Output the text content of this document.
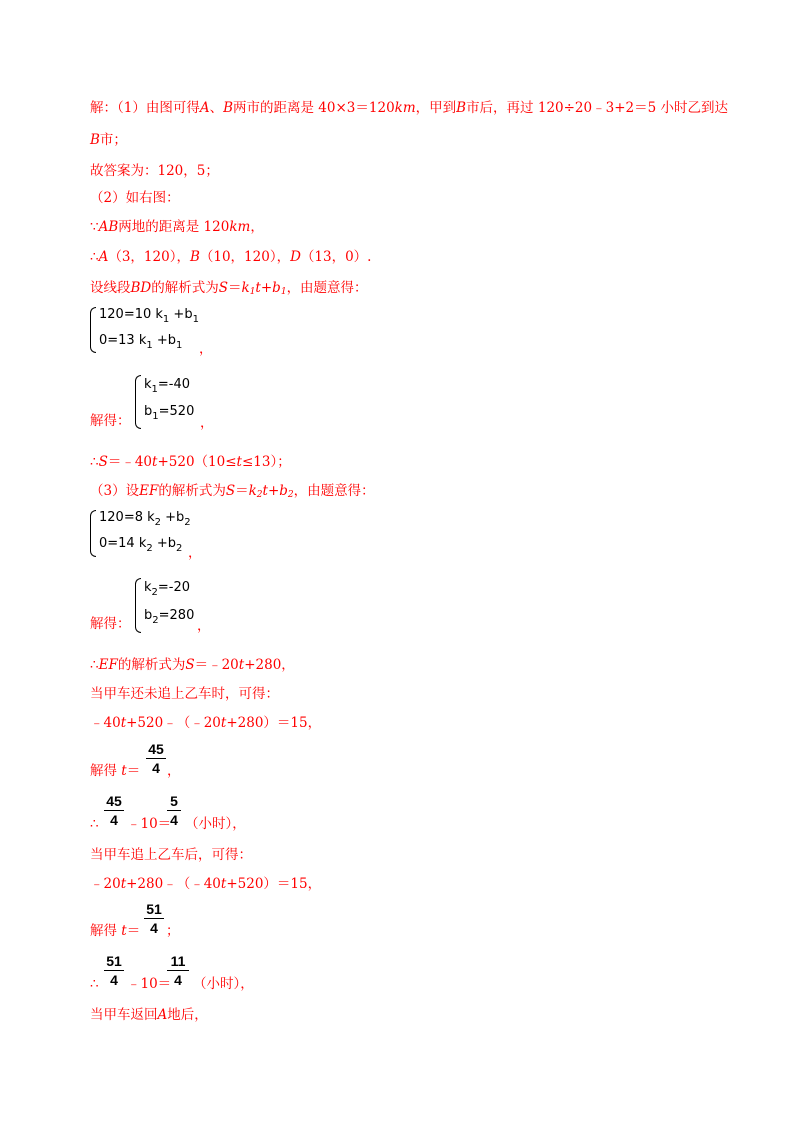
解：（1）由图可得A、B两市的距离是 40×3＝120km，甲到B市后，再过 120÷20﹣3+2＝5 小时乙到达
B市；
故答案为：120，5；
（2）如右图：
∵AB两地的距离是 120km，
∴A（3，120），B（10，120），D（13，0）.
设线段BD的解析式为$S=k_1t+b_1$，由题意得：
120=10 $k_1 +b_1$
0=13 $k_1 +b_1$ ，
解得：
$k_1=-40$
$b_1=520$
，
∴S＝﹣40t+520（10≤t≤13）；
（3）设EF的解析式为$S=k_2t+b_2$，由题意得：
120=8 $k_2 +b_2$
0=14 $k_2 +b_2$ ，
解得：
$k_2=-20$
$b_2=280$
，
∴EF的解析式为S＝﹣20t+280，
当甲车还未追上乙车时，可得：
﹣40t+520﹣（﹣20t+280）＝15，
解得 t＝
45
4 ，
∴
45
4 ﹣10＝
5
4 （小时），
当甲车追上乙车后，可得：
﹣20t+280﹣（﹣40t+520）＝15，
解得 t＝
51
4 ；
∴
51
4 ﹣10＝
11
4 （小时），
当甲车返回A地后，
